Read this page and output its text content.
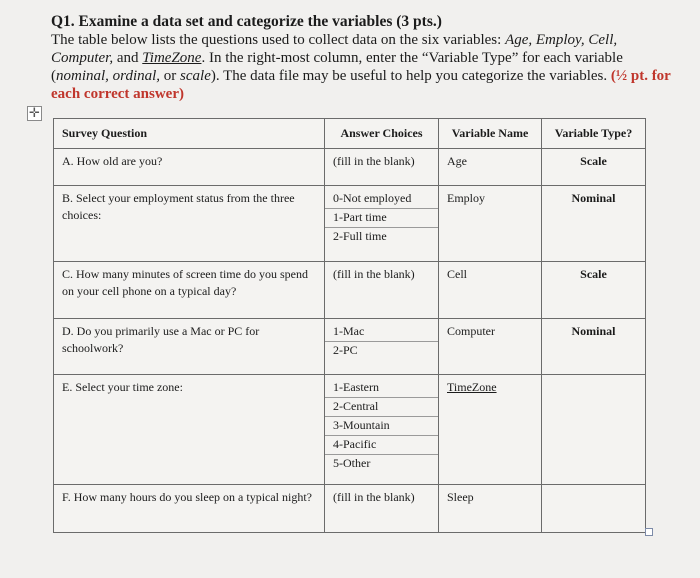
Q1. Examine a data set and categorize the variables (3 pts.)

The table below lists the questions used to collect data on the six variables: Age, Employ, Cell, Computer, and TimeZone. In the right-most column, enter the “Variable Type” for each variable (nominal, ordinal, or scale). The data file may be useful to help you categorize the variables. (½ pt. for each correct answer)

✛
Survey Question	Answer Choices	Variable Name	Variable Type?
A. How old are you?	(fill in the blank)	Age	Scale
B. Select your employment status from the three choices:	0-Not employed
1-Part time
2-Full time	Employ	Nominal
C. How many minutes of screen time do you spend on your cell phone on a typical day?	(fill in the blank)	Cell	Scale
D. Do you primarily use a Mac or PC for schoolwork?	1-Mac
2-PC	Computer	Nominal
E. Select your time zone:	1-Eastern
2-Central
3-Mountain
4-Pacific
5-Other	TimeZone	
F. How many hours do you sleep on a typical night?	(fill in the blank)	Sleep	
